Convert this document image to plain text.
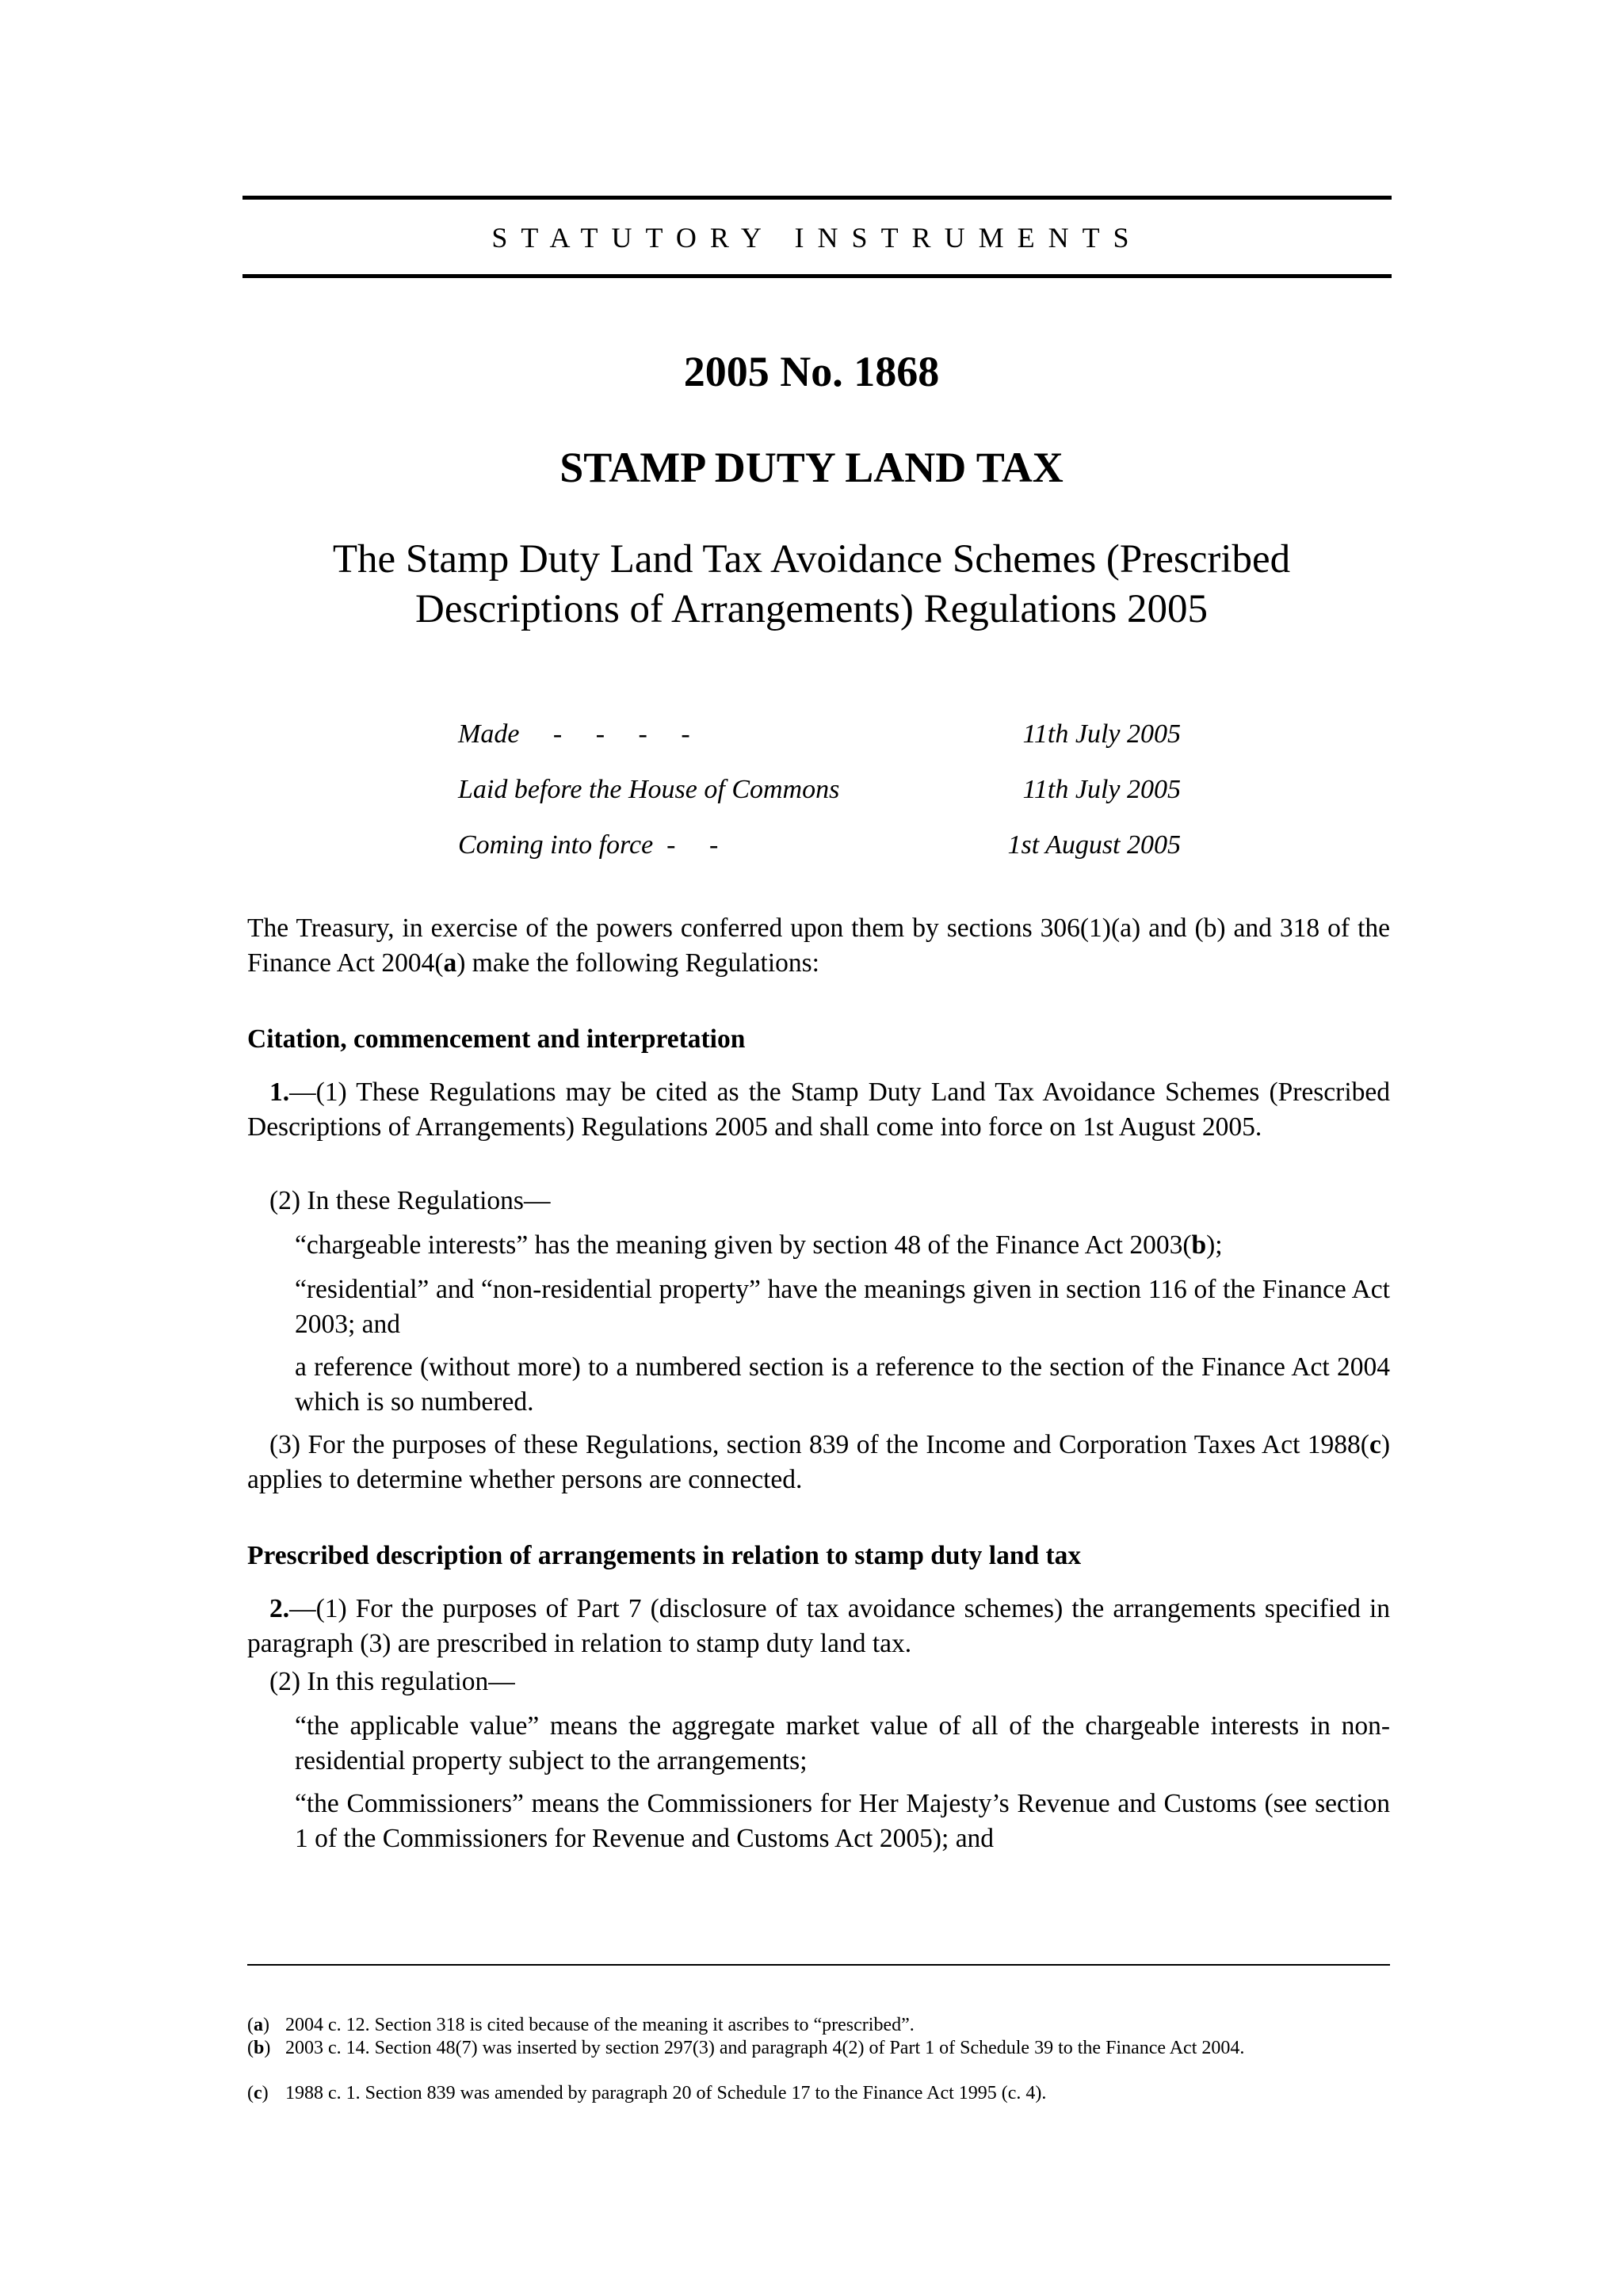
STATUTORY INSTRUMENTS
2005 No. 1868
STAMP DUTY LAND TAX
The Stamp Duty Land Tax Avoidance Schemes (Prescribed
Descriptions of Arrangements) Regulations 2005
Made     -     -     -     -	11th July 2005
Laid before the House of Commons	11th July 2005
Coming into force  -     -	1st August 2005

The Treasury, in exercise of the powers conferred upon them by sections 306(1)(a) and (b) and 318 of the Finance Act 2004(a) make the following Regulations:

Citation, commencement and interpretation

1.—(1) These Regulations may be cited as the Stamp Duty Land Tax Avoidance Schemes (Prescribed Descriptions of Arrangements) Regulations 2005 and shall come into force on 1st August 2005.

(2) In these Regulations—

“chargeable interests” has the meaning given by section 48 of the Finance Act 2003(b);

“residential” and “non-residential property” have the meanings given in section 116 of the Finance Act 2003; and

a reference (without more) to a numbered section is a reference to the section of the Finance Act 2004 which is so numbered.

(3) For the purposes of these Regulations, section 839 of the Income and Corporation Taxes Act 1988(c) applies to determine whether persons are connected.

Prescribed description of arrangements in relation to stamp duty land tax

2.—(1) For the purposes of Part 7 (disclosure of tax avoidance schemes) the arrangements specified in paragraph (3) are prescribed in relation to stamp duty land tax.

(2) In this regulation—

“the applicable value” means the aggregate market value of all of the chargeable interests in non-residential property subject to the arrangements;

“the Commissioners” means the Commissioners for Her Majesty’s Revenue and Customs (see section 1 of the Commissioners for Revenue and Customs Act 2005); and

(a) 2004 c. 12. Section 318 is cited because of the meaning it ascribes to “prescribed”.
(b) 2003 c. 14. Section 48(7) was inserted by section 297(3) and paragraph 4(2) of Part 1 of Schedule 39 to the Finance Act 2004.
(c) 1988 c. 1. Section 839 was amended by paragraph 20 of Schedule 17 to the Finance Act 1995 (c. 4).
